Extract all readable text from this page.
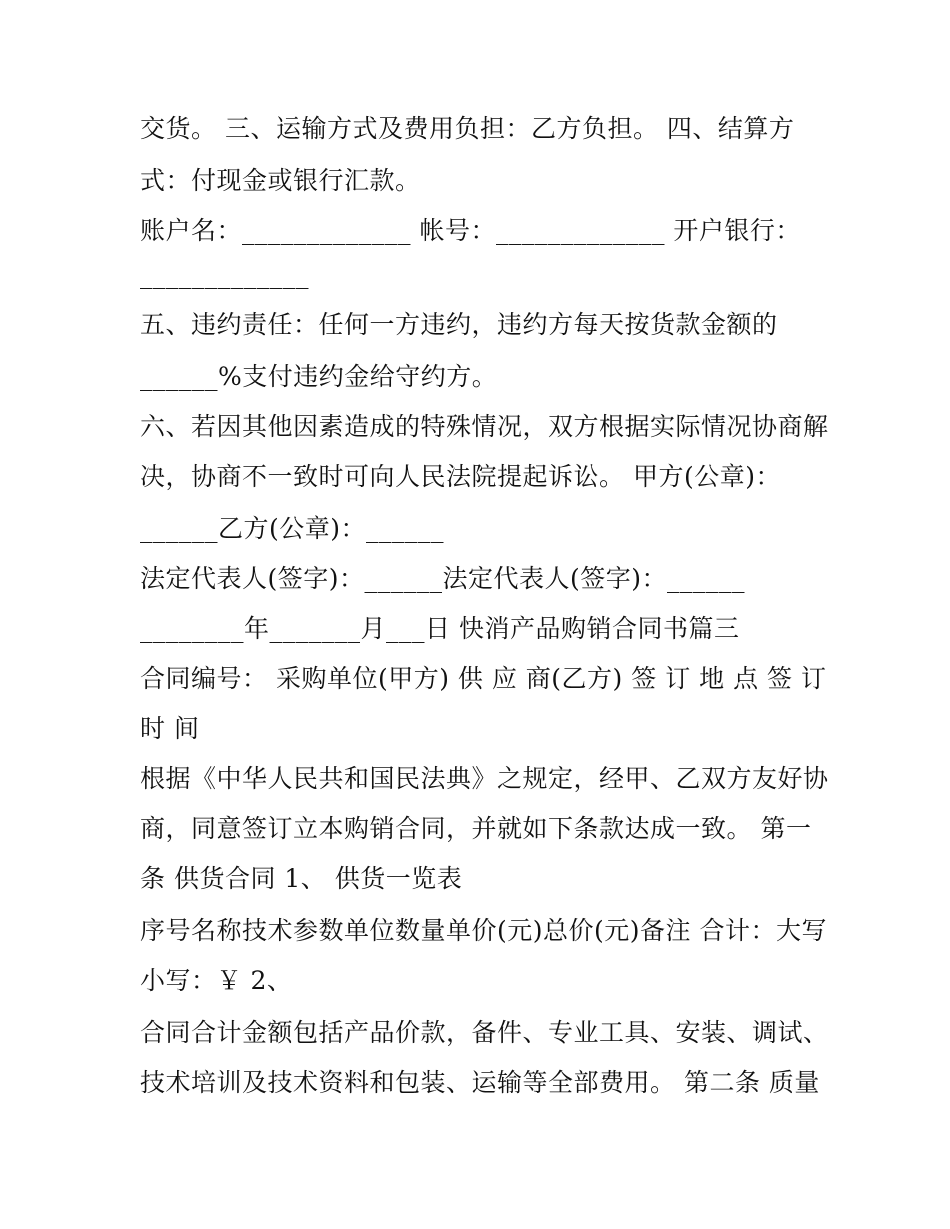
交货。 三、运输方式及费用负担：乙方负担。 四、结算方
式：付现金或银行汇款。
账户名：_____________ 帐号：_____________ 开户银行：
_____________
五、违约责任：任何一方违约，违约方每天按货款金额的
______%支付违约金给守约方。
六、若因其他因素造成的特殊情况，双方根据实际情况协商解
决，协商不一致时可向人民法院提起诉讼。 甲方(公章)：
______乙方(公章)：______
法定代表人(签字)：______法定代表人(签字)：______
________年_______月___日 快消产品购销合同书篇三
合同编号： 采购单位(甲方) 供 应 商(乙方) 签 订 地 点 签 订
时 间
根据《中华人民共和国民法典》之规定，经甲、乙双方友好协
商，同意签订立本购销合同，并就如下条款达成一致。 第一
条 供货合同 1、 供货一览表
序号名称技术参数单位数量单价(元)总价(元)备注 合计：大写
小写：￥ 2、
合同合计金额包括产品价款，备件、专业工具、安装、调试、
技术培训及技术资料和包装、运输等全部费用。 第二条 质量
